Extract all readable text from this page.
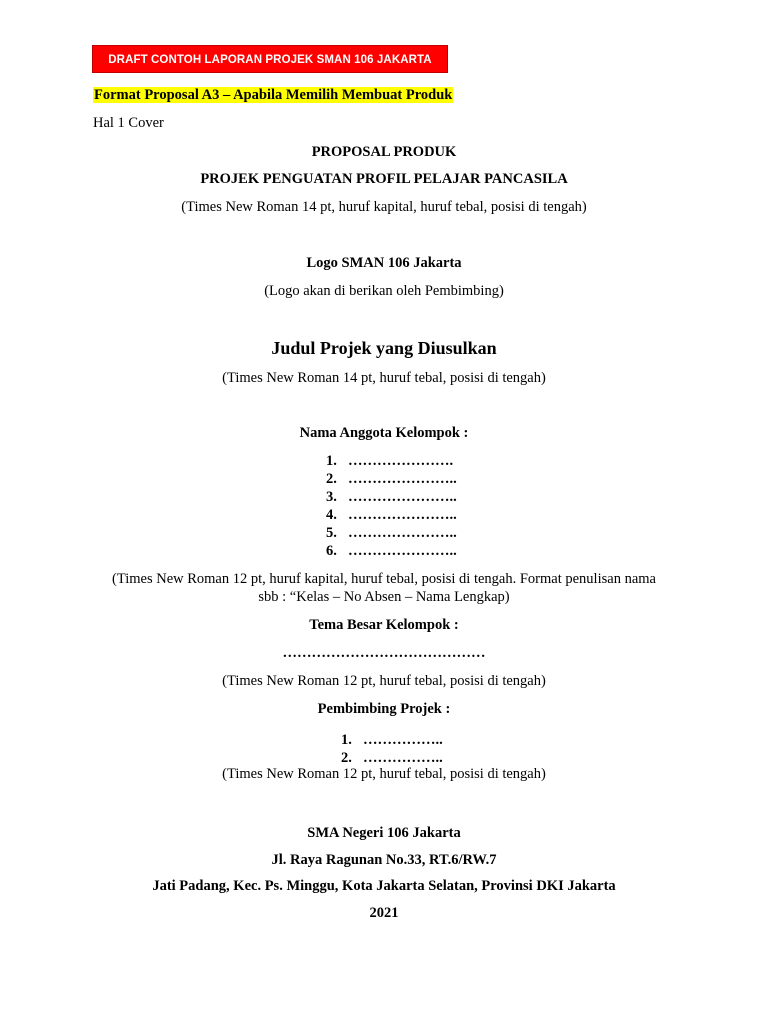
DRAFT CONTOH LAPORAN PROJEK SMAN 106 JAKARTA
Format Proposal A3 – Apabila Memilih Membuat Produk
Hal 1 Cover
PROPOSAL PRODUK
PROJEK PENGUATAN PROFIL PELAJAR PANCASILA
(Times New Roman 14 pt, huruf kapital, huruf tebal, posisi di tengah)
Logo SMAN 106 Jakarta
(Logo akan di berikan oleh Pembimbing)
Judul Projek yang Diusulkan
(Times New Roman 14 pt, huruf tebal, posisi di tengah)
Nama Anggota Kelompok :
1. ………………….
2. …………………..
3. …………………..
4. …………………..
5. …………………..
6. …………………..
(Times New Roman 12 pt, huruf kapital, huruf tebal, posisi di tengah. Format penulisan nama
sbb : “Kelas – No Absen – Nama Lengkap)
Tema Besar Kelompok :
……………………………………
(Times New Roman 12 pt, huruf tebal, posisi di tengah)
Pembimbing Projek :
1. ……………..
2. ……………..
(Times New Roman 12 pt, huruf tebal, posisi di tengah)
SMA Negeri 106 Jakarta
Jl. Raya Ragunan No.33, RT.6/RW.7
Jati Padang, Kec. Ps. Minggu, Kota Jakarta Selatan, Provinsi DKI Jakarta
2021
